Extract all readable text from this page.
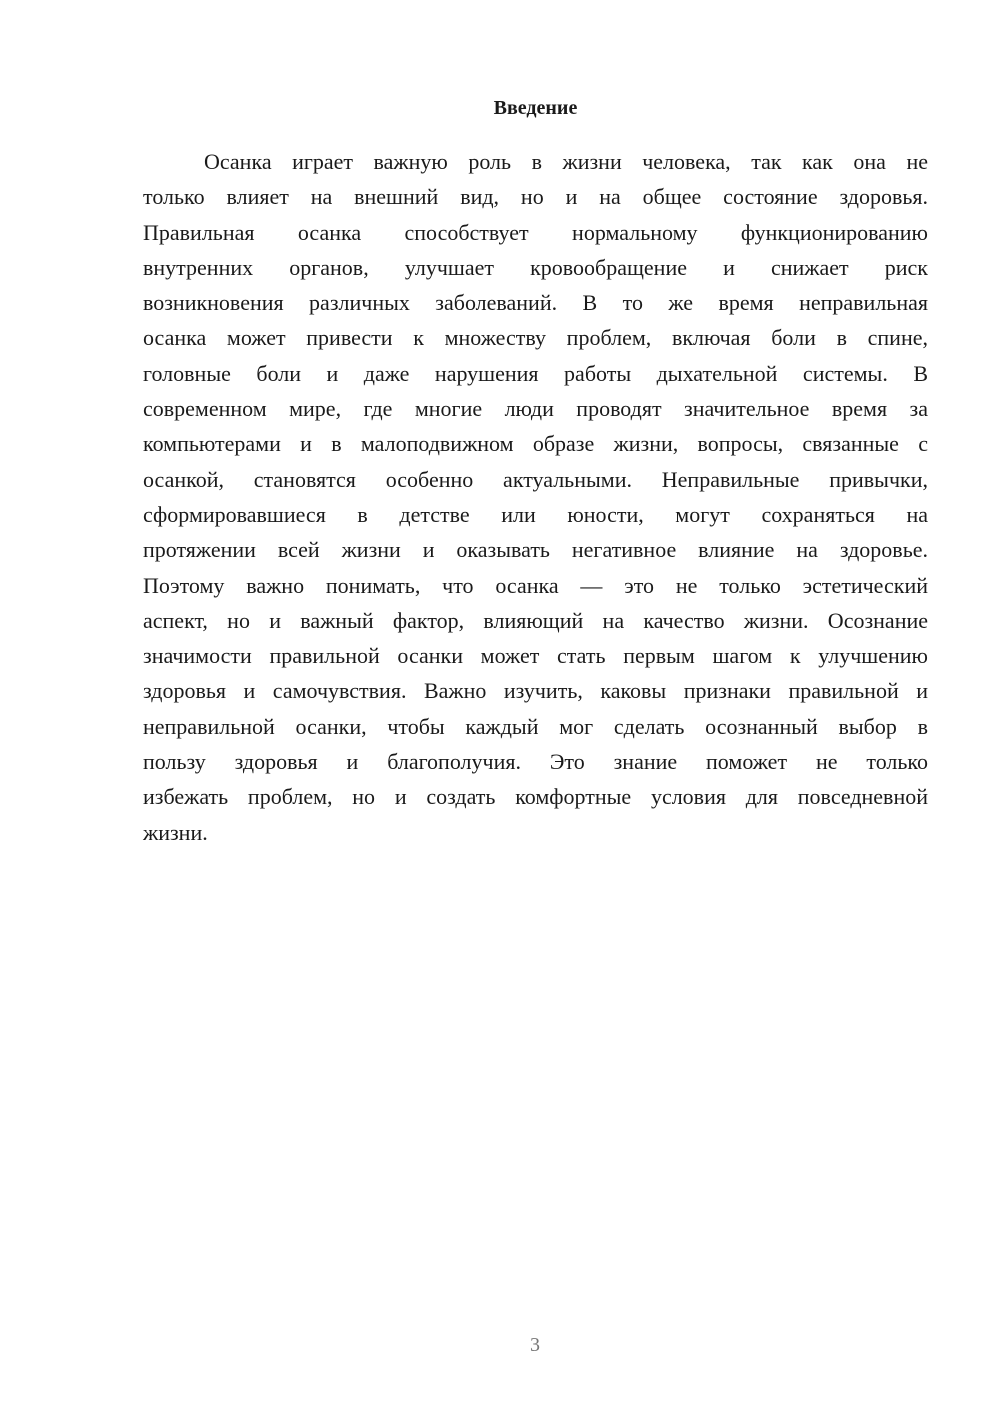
Введение
Осанка играет важную роль в жизни человека, так как она не
только влияет на внешний вид, но и на общее состояние здоровья.
Правильная осанка способствует нормальному функционированию
внутренних органов, улучшает кровообращение и снижает риск
возникновения различных заболеваний. В то же время неправильная
осанка может привести к множеству проблем, включая боли в спине,
головные боли и даже нарушения работы дыхательной системы. В
современном мире, где многие люди проводят значительное время за
компьютерами и в малоподвижном образе жизни, вопросы, связанные с
осанкой, становятся особенно актуальными. Неправильные привычки,
сформировавшиеся в детстве или юности, могут сохраняться на
протяжении всей жизни и оказывать негативное влияние на здоровье.
Поэтому важно понимать, что осанка — это не только эстетический
аспект, но и важный фактор, влияющий на качество жизни. Осознание
значимости правильной осанки может стать первым шагом к улучшению
здоровья и самочувствия. Важно изучить, каковы признаки правильной и
неправильной осанки, чтобы каждый мог сделать осознанный выбор в
пользу здоровья и благополучия. Это знание поможет не только
избежать проблем, но и создать комфортные условия для повседневной
жизни.
3
